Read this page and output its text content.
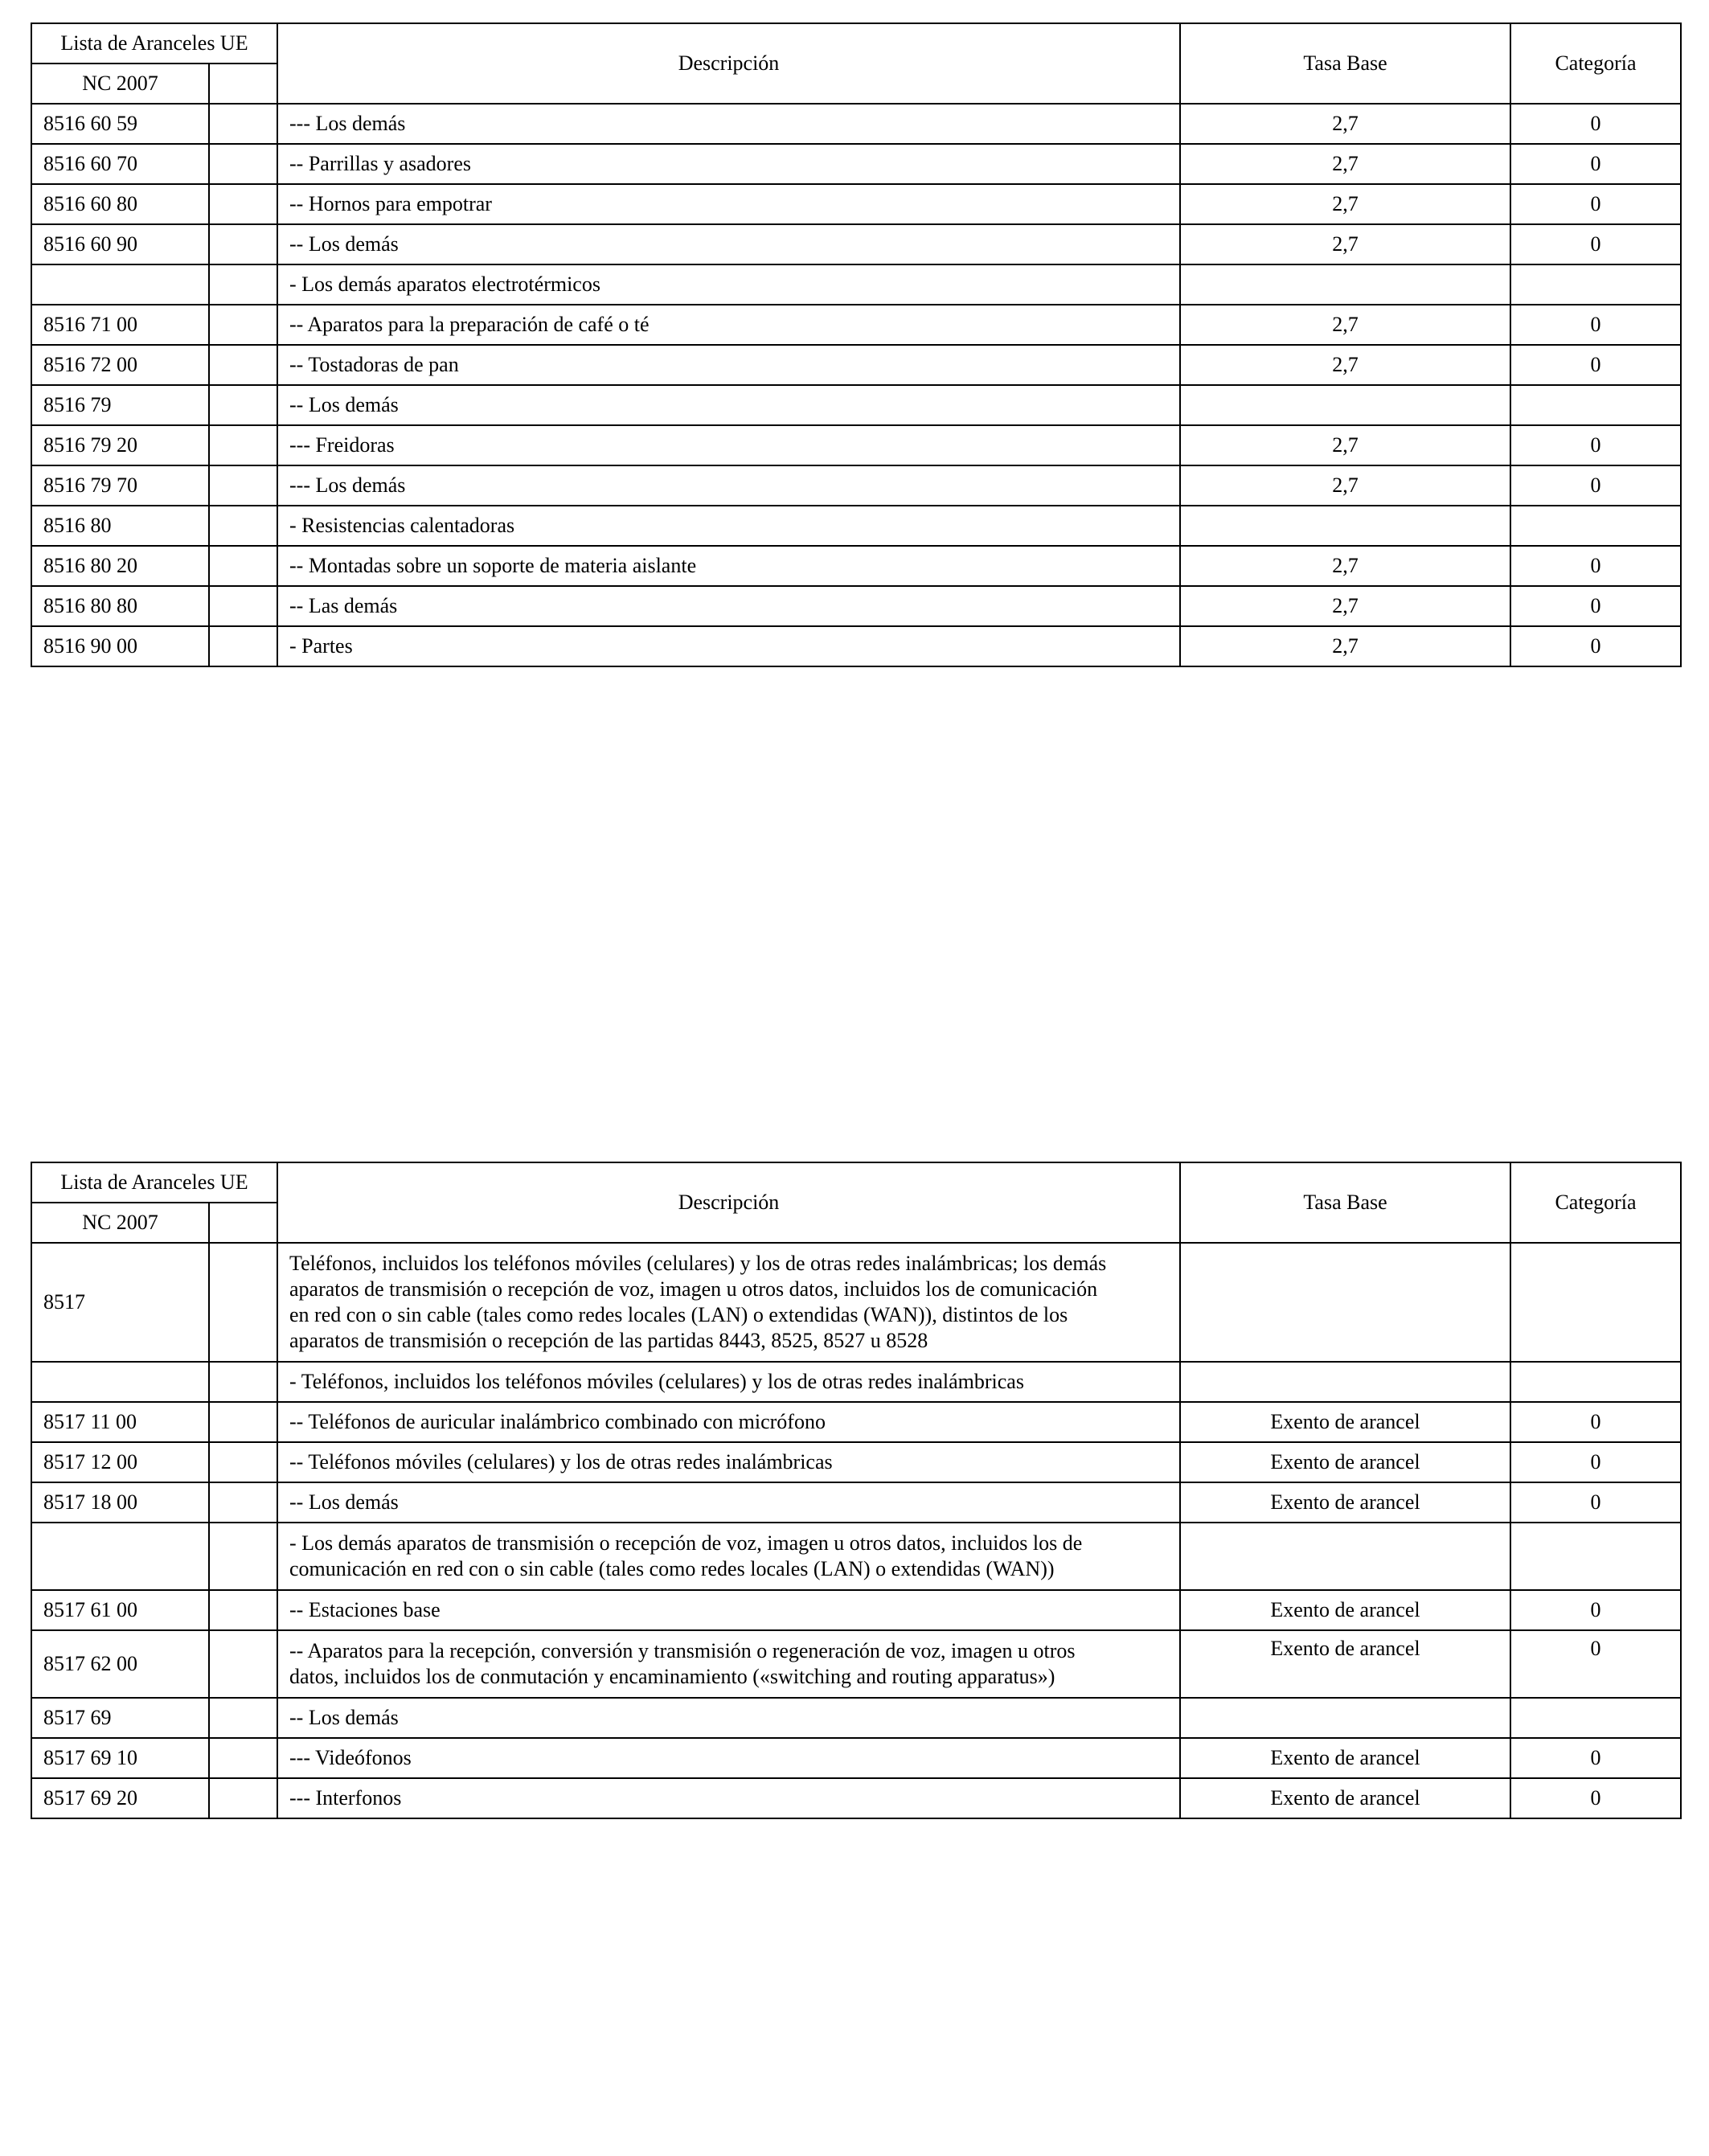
Lista de Aranceles UE		Descripción	Tasa Base	Categoría
NC 2007				
8516 60 59		--- Los demás	2,7	0
8516 60 70		-- Parrillas y asadores	2,7	0
8516 60 80		-- Hornos para empotrar	2,7	0
8516 60 90		-- Los demás	2,7	0
		- Los demás aparatos electrotérmicos		
8516 71 00		-- Aparatos para la preparación de café o té	2,7	0
8516 72 00		-- Tostadoras de pan	2,7	0
8516 79		-- Los demás		
8516 79 20		--- Freidoras	2,7	0
8516 79 70		--- Los demás	2,7	0
8516 80		- Resistencias calentadoras		
8516 80 20		-- Montadas sobre un soporte de materia aislante	2,7	0
8516 80 80		-- Las demás	2,7	0
8516 90 00		- Partes	2,7	0
Lista de Aranceles UE		Descripción	Tasa Base	Categoría
NC 2007				
8517		Teléfonos, incluidos los teléfonos móviles (celulares) y los de otras redes inalámbricas; los demás
aparatos de transmisión o recepción de voz, imagen u otros datos, incluidos los de comunicación
en red con o sin cable (tales como redes locales (LAN) o extendidas (WAN)), distintos de los
aparatos de transmisión o recepción de las partidas 8443, 8525, 8527 u 8528		
		- Teléfonos, incluidos los teléfonos móviles (celulares) y los de otras redes inalámbricas		
8517 11 00		-- Teléfonos de auricular inalámbrico combinado con micrófono	Exento de arancel	0
8517 12 00		-- Teléfonos móviles (celulares) y los de otras redes inalámbricas	Exento de arancel	0
8517 18 00		-- Los demás	Exento de arancel	0
		- Los demás aparatos de transmisión o recepción de voz, imagen u otros datos, incluidos los de
comunicación en red con o sin cable (tales como redes locales (LAN) o extendidas (WAN))		
8517 61 00		-- Estaciones base	Exento de arancel	0
8517 62 00		-- Aparatos para la recepción, conversión y transmisión o regeneración de voz, imagen u otros
datos, incluidos los de conmutación y encaminamiento («switching and routing apparatus»)	Exento de arancel	0
8517 69		-- Los demás		
8517 69 10		--- Videófonos	Exento de arancel	0
8517 69 20		--- Interfonos	Exento de arancel	0
